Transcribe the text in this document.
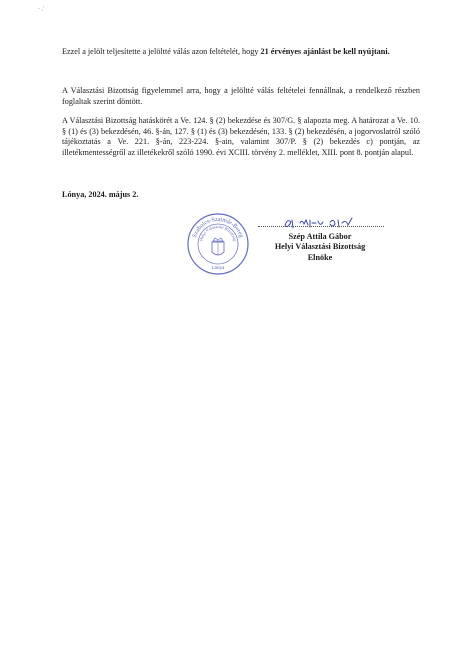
- ,'

Ezzel a jelölt teljesítette a jelöltté válás azon feltételét, hogy 21 érvényes ajánlást be kell nyújtani.

A Választási Bizottság figyelemmel arra, hogy a jelöltté válás feltételei fennállnak, a rendelkező részben foglaltak szerint döntött.

A Választási Bizottság hatáskörét a Ve. 124. § (2) bekezdése és 307/G. § alapozta meg. A határozat a Ve. 10. § (1) és (3) bekezdésén, 46. §-án, 127. § (1) és (3) bekezdésén, 133. § (2) bekezdésén, a jogorvoslatról szóló tájékoztatás a Ve. 221. §-án, 223-224. §-ain, valamint 307/P. § (2) bekezdés c) pontján, az illetékmentességről az illetékekről szóló 1990. évi XCIII. törvény 2. melléklet, XIII. pont 8. pontján alapul.

Lónya, 2024. május 2.
Szabolcs-Szatmár-Bereg
Helyi Választási Bizottság
Lónya
Szép Attila Gábor
Helyi Választási Bizottság
Elnöke
